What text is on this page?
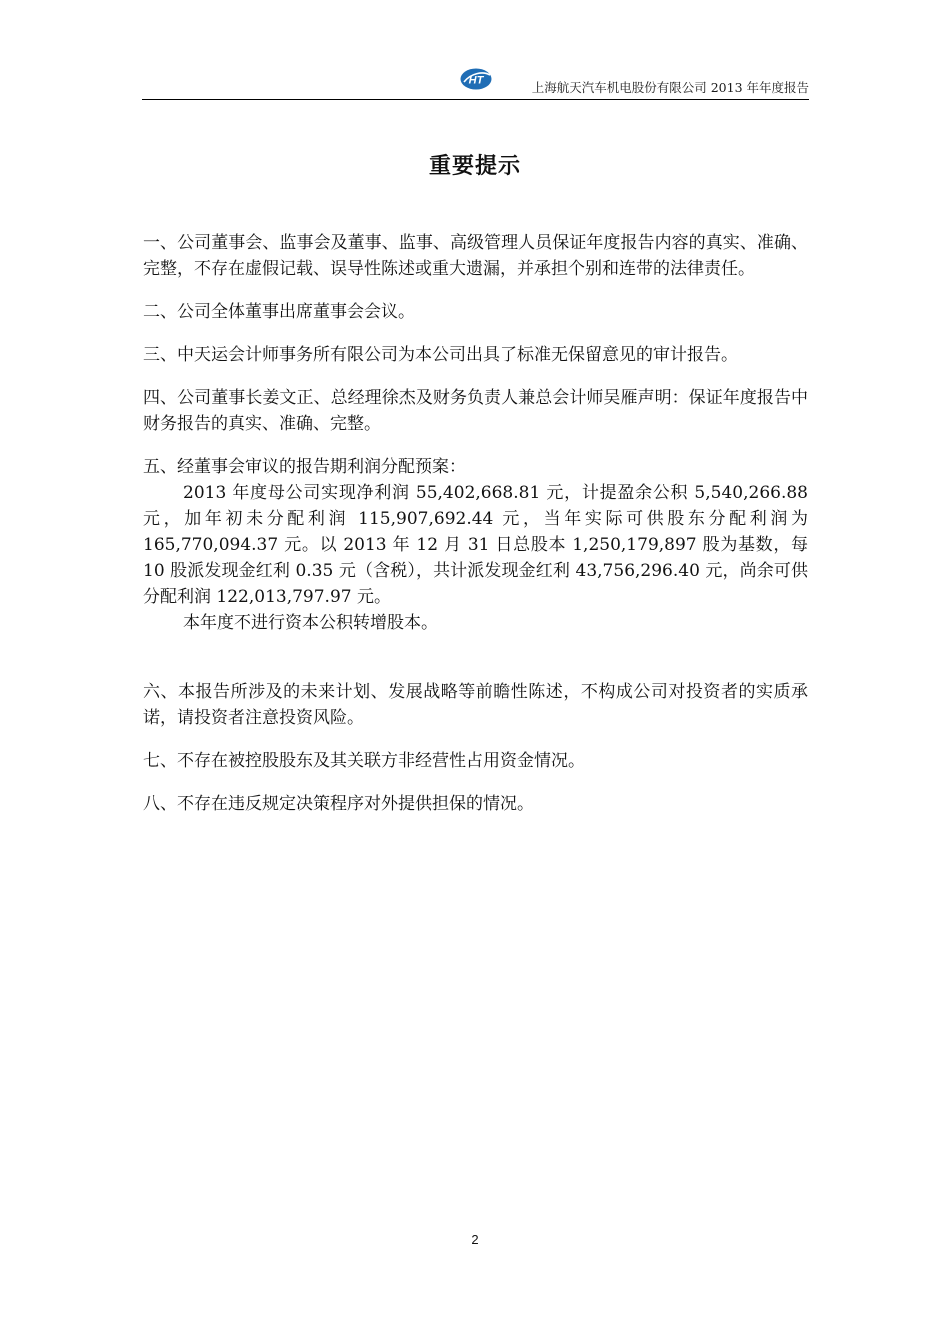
HT	上海航天汽车机电股份有限公司 2013 年年度报告
重要提示

一、公司董事会、监事会及董事、监事、高级管理人员保证年度报告内容的真实、准确、完整，不存在虚假记载、误导性陈述或重大遗漏，并承担个别和连带的法律责任。

二、公司全体董事出席董事会会议。

三、中天运会计师事务所有限公司为本公司出具了标准无保留意见的审计报告。

四、公司董事长姜文正、总经理徐杰及财务负责人兼总会计师吴雁声明：保证年度报告中财务报告的真实、准确、完整。

五、经董事会审议的报告期利润分配预案：

2013 年度母公司实现净利润 55,402,668.81 元，计提盈余公积 5,540,266.88 元，加年初未分配利润 115,907,692.44 元，当年实际可供股东分配利润为 165,770,094.37 元。以 2013 年 12 月 31 日总股本 1,250,179,897 股为基数，每 10 股派发现金红利 0.35 元（含税），共计派发现金红利 43,756,296.40 元，尚余可供分配利润 122,013,797.97 元。

本年度不进行资本公积转增股本。

六、本报告所涉及的未来计划、发展战略等前瞻性陈述，不构成公司对投资者的实质承诺，请投资者注意投资风险。

七、不存在被控股股东及其关联方非经营性占用资金情况。

八、不存在违反规定决策程序对外提供担保的情况。

2
